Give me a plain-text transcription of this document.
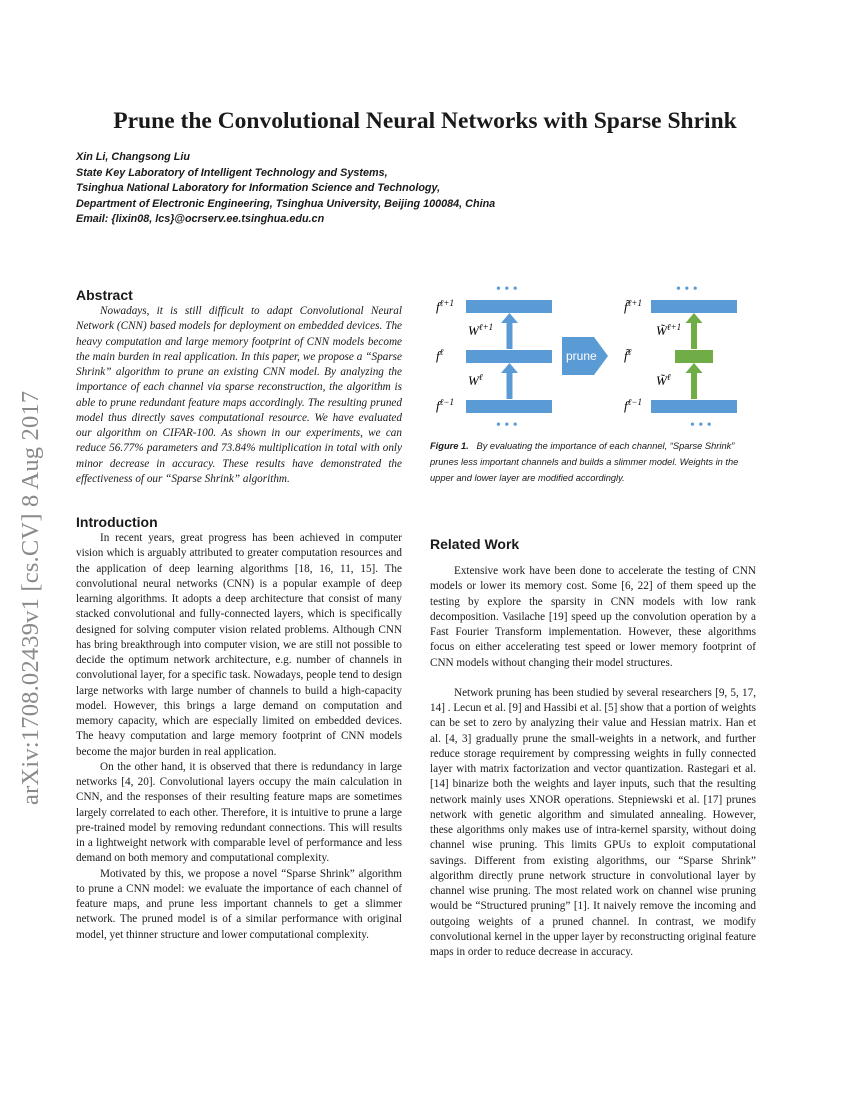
arXiv:1708.02439v1 [cs.CV] 8 Aug 2017
Prune the Convolutional Neural Networks with Sparse Shrink
Xin Li, Changsong Liu
State Key Laboratory of Intelligent Technology and Systems,
Tsinghua National Laboratory for Information Science and Technology,
Department of Electronic Engineering, Tsinghua University, Beijing 100084, China
Email: {lixin08, lcs}@ocrserv.ee.tsinghua.edu.cn
Abstract

Nowadays, it is still difficult to adapt Convolutional Neural Network (CNN) based models for deployment on embedded devices. The heavy computation and large memory footprint of CNN models become the main burden in real application. In this paper, we propose a “Sparse Shrink” algorithm to prune an existing CNN model. By analyzing the importance of each channel via sparse reconstruction, the algorithm is able to prune redundant feature maps accordingly. The resulting pruned model thus directly saves computational resource. We have evaluated our algorithm on CIFAR-100. As shown in our experiments, we can reduce 56.77% parameters and 73.84% multiplication in total with only minor decrease in accuracy. These results have demonstrated the effectiveness of our “Sparse Shrink” algorithm.

Introduction

In recent years, great progress has been achieved in computer vision which is arguably attributed to greater computation resources and the application of deep learning algorithms [18, 16, 11, 15]. The convolutional neural networks (CNN) is a popular example of deep learning algorithms. It adopts a deep architecture that consist of many stacked convolutional and fully-connected layers, which is specifically designed for solving computer vision related problems. Although CNN has bring breakthrough into computer vision, we are still not possible to decide the optimum network architecture, e.g. number of channels in convolutional layer, for a specific task. Nowadays, people tend to design large networks with large number of channels to build a high-capacity model. However, this brings a large demand on computation and memory capacity, which are especially limited on embedded devices. The heavy computation and large memory footprint of CNN models become the major burden in real application.

On the other hand, it is observed that there is redundancy in large networks [4, 20]. Convolutional layers occupy the main calculation in CNN, and the responses of their resulting feature maps are sometimes largely correlated to each other. Therefore, it is intuitive to prune a large pre-trained model by removing redundant connections. This will results in a lightweight network with comparable level of performance and less demand on both memory and computational complexity.

Motivated by this, we propose a novel “Sparse Shrink” algorithm to prune a CNN model: we evaluate the importance of each channel of feature maps, and prune less important channels to get a slimmer network. The pruned model is of a similar performance with original model, yet thinner structure and lower computational complexity.

• • •
• • •
$f^{\ell+1}$
$W^{\ell+1}$
$f^\ell$
$W^\ell$
$f^{\ell-1}$
prune
• • •
• • •
f̃$^{\ell+1}$
W̃$^{\ell+1}$
f̃$^\ell$
W̃$^\ell$
$f^{\ell-1}$
Figure 1. By evaluating the importance of each channel, “Sparse Shrink” prunes less important channels and builds a slimmer model. Weights in the upper and lower layer are modified accordingly.
Related Work

Extensive work have been done to accelerate the testing of CNN models or lower its memory cost. Some [6, 22] of them speed up the testing by explore the sparsity in CNN models with low rank decomposition. Vasilache [19] speed up the convolution operation by a Fast Fourier Transform implementation. However, these algorithms focus on either accelerating test speed or lower memory footprint of CNN models without changing their model structures.

Network pruning has been studied by several researchers [9, 5, 17, 14] . Lecun et al. [9] and Hassibi et al. [5] show that a portion of weights can be set to zero by analyzing their value and Hessian matrix. Han et al. [4, 3] gradually prune the small-weights in a network, and further reduce storage requirement by compressing weights in fully connected layer with matrix factorization and vector quantization. Rastegari et al. [14] binarize both the weights and layer inputs, such that the resulting network mainly uses XNOR operations. Stepniewski et al. [17] prunes network with genetic algorithm and simulated annealing. However, these algorithms only makes use of intra-kernel sparsity, without doing channel wise pruning. This limits GPUs to exploit computational savings. Different from existing algorithms, our “Sparse Shrink” algorithm directly prune network structure in convolutional layer by channel wise pruning. The most related work on channel wise pruning would be “Structured pruning” [1]. It naively remove the incoming and outgoing weights of a pruned channel. In contrast, we modify convolutional kernel in the upper layer by reconstructing original feature maps in order to reduce decrease in accuracy.
